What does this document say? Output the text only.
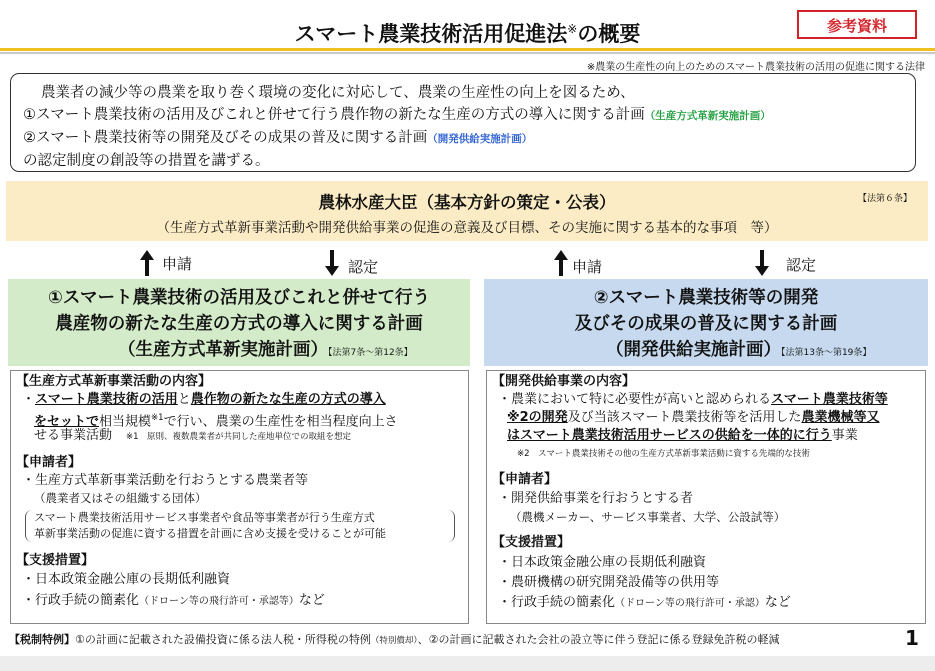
スマート農業技術活用促進法※の概要	参考資料
※農業の生産性の向上のためのスマート農業技術の活用の促進に関する法律
農業者の減少等の農業を取り巻く環境の変化に対応して、農業の生産性の向上を図るため、
①スマート農業技術の活用及びこれと併せて行う農作物の新たな生産の方式の導入に関する計画（生産方式革新実施計画）
②スマート農業技術等の開発及びその成果の普及に関する計画（開発供給実施計画）
の認定制度の創設等の措置を講ずる。
農林水産大臣（基本方針の策定・公表）
（生産方式革新事業活動や開発供給事業の促進の意義及び目標、その実施に関する基本的な事項　等）
【法第６条】
申請	認定	申請	認定
①スマート農業技術の活用及びこれと併せて行う
農産物の新たな生産の方式の導入に関する計画
（生産方式革新実施計画）【法第7条～第12条】
②スマート農業技術等の開発
及びその成果の普及に関する計画
（開発供給実施計画）【法第13条～第19条】
【生産方式革新事業活動の内容】
・スマート農業技術の活用と農作物の新たな生産の方式の導入
をセットで相当規模$^{※1}$で行い、農業の生産性を相当程度向上さ
せる事業活動 ※1　原則、複数農業者が共同した産地単位での取組を想定
【申請者】
・生産方式革新事業活動を行おうとする農業者等
（農業者又はその組織する団体）
スマート農業技術活用サービス事業者や食品等事業者が行う生産方式
革新事業活動の促進に資する措置を計画に含め支援を受けることが可能
【支援措置】
・日本政策金融公庫の長期低利融資
・行政手続の簡素化（ドローン等の飛行許可・承認等）など
【開発供給事業の内容】
・農業において特に必要性が高いと認められるスマート農業技術等
※2の開発及び当該スマート農業技術等を活用した農業機械等又
はスマート農業技術活用サービスの供給を一体的に行う事業
※2　スマート農業技術その他の生産方式革新事業活動に資する先端的な技術
【申請者】
・開発供給事業を行おうとする者
（農機メーカー、サービス事業者、大学、公設試等）
【支援措置】
・日本政策金融公庫の長期低利融資
・農研機構の研究開発設備等の供用等
・行政手続の簡素化（ドローン等の飛行許可・承認）など
【税制特例】①の計画に記載された設備投資に係る法人税・所得税の特例（特別償却）、②の計画に記載された会社の設立等に伴う登記に係る登録免許税の軽減	1
